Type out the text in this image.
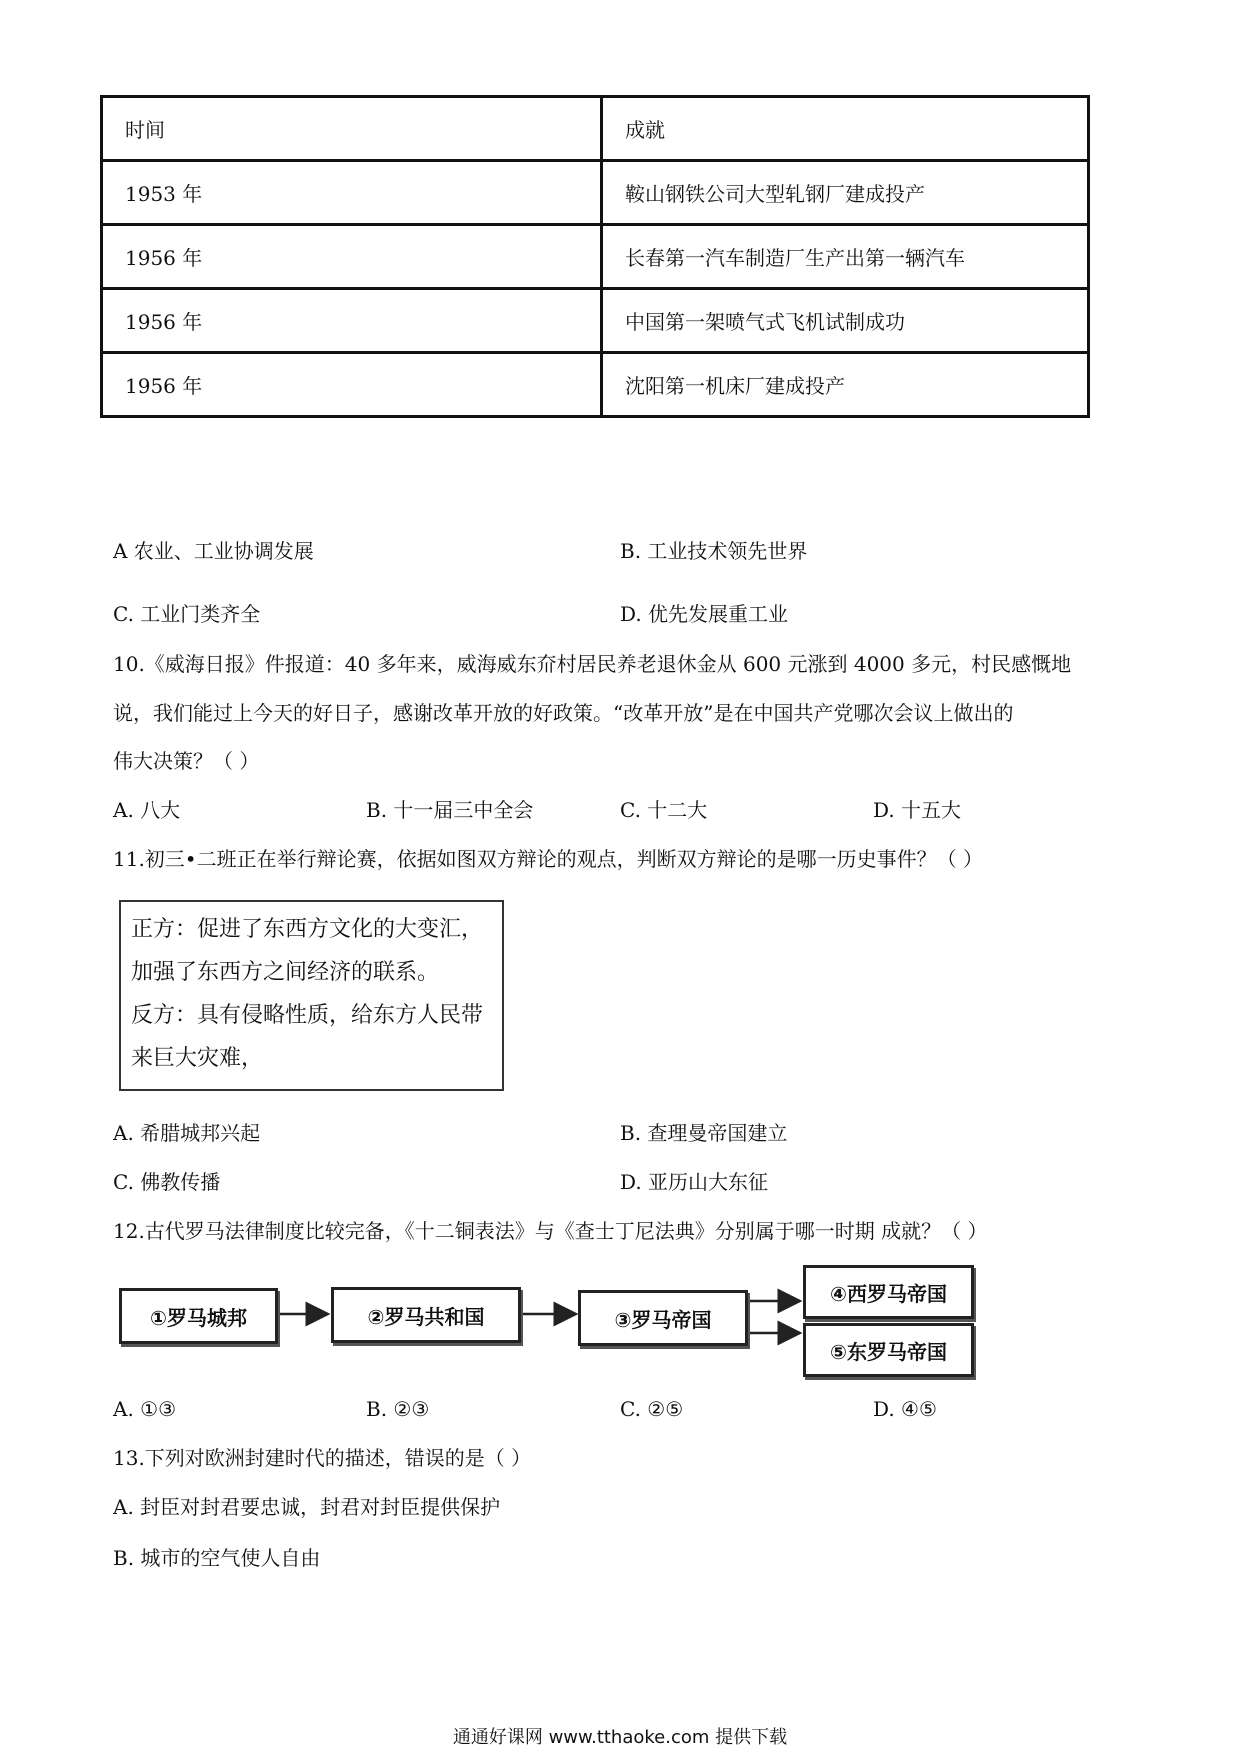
时间	成就
1953 年	鞍山钢铁公司大型轧钢厂建成投产
1956 年	长春第一汽车制造厂生产出第一辆汽车
1956 年	中国第一架喷气式飞机试制成功
1956 年	沈阳第一机床厂建成投产
A 农业、工业协调发展	B. 工业技术领先世界
C. 工业门类齐全	D. 优先发展重工业
10.《威海日报》件报道：40 多年来，威海威东夼村居民养老退休金从 600 元涨到 4000 多元，村民感慨地
说，我们能过上今天的好日子，感谢改革开放的好政策。“改革开放”是在中国共产党哪次会议上做出的
伟大决策？（ ）
A. 八大	B. 十一届三中全会	C. 十二大	D. 十五大
11.初三•二班正在举行辩论赛，依据如图双方辩论的观点，判断双方辩论的是哪一历史事件？（ ）
正方：促进了东西方文化的大变汇，
加强了东西方之间经济的联系。
反方：具有侵略性质，给东方人民带
来巨大灾难，
A. 希腊城邦兴起	B. 查理曼帝国建立
C. 佛教传播	D. 亚历山大东征
12.古代罗马法律制度比较完备，《十二铜表法》与《查士丁尼法典》分别属于哪一时期 成就？（ ）
①罗马城邦	②罗马共和国	③罗马帝国
④西罗马帝国
⑤东罗马帝国
A. ①③	B. ②③	C. ②⑤	D. ④⑤
13.下列对欧洲封建时代的描述，错误的是（ ）
A. 封臣对封君要忠诚，封君对封臣提供保护
B. 城市的空气使人自由
通通好课网 www.tthaoke.com 提供下载
